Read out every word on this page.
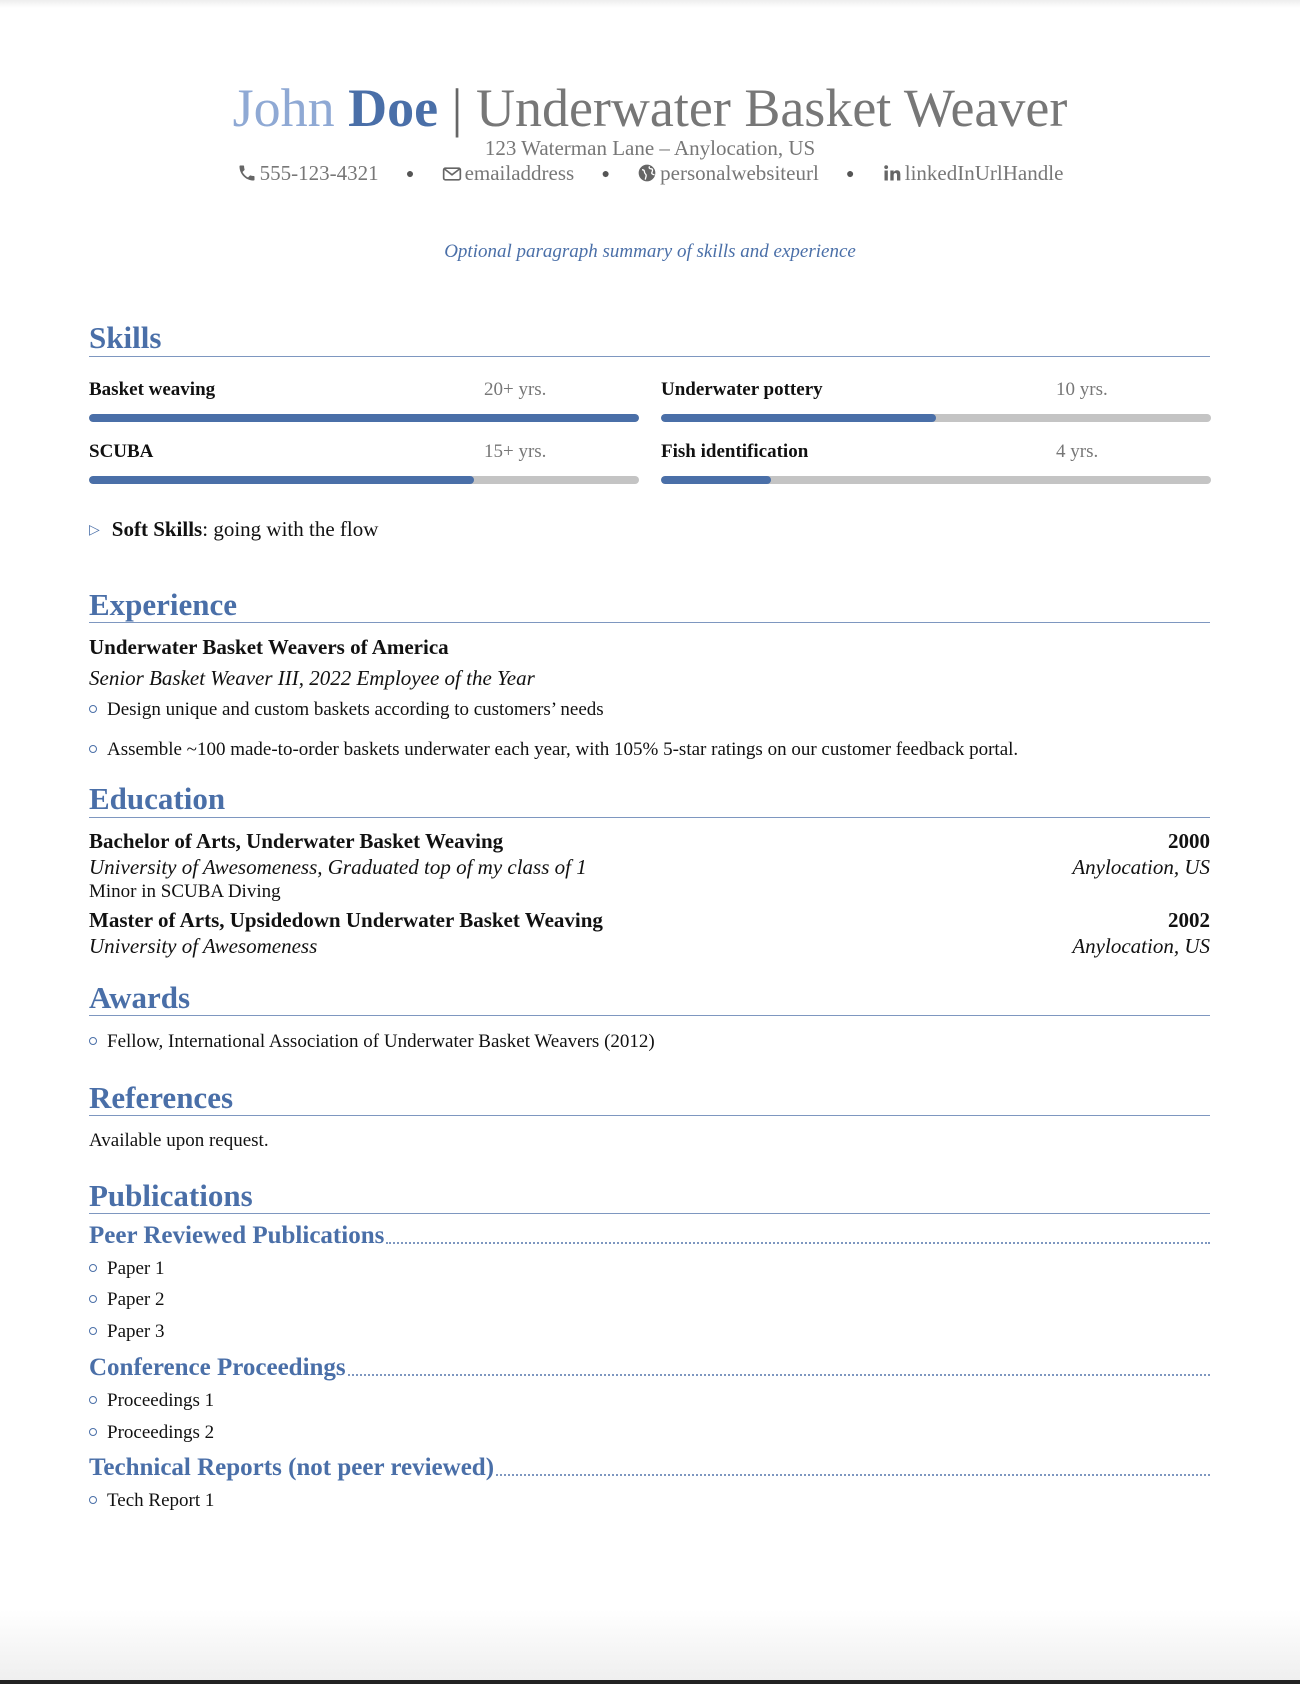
John Doe | Underwater Basket Weaver
123 Waterman Lane – Anylocation, US
555-123-4321 ● emailaddress ● personalwebsiteurl ● linkedInUrlHandle
Optional paragraph summary of skills and experience
Skills
Basket weaving	20+ yrs.	Underwater pottery	10 yrs.
SCUBA	15+ yrs.	Fish identification	4 yrs.
▷ Soft Skills: going with the flow
Experience
Underwater Basket Weavers of America
Senior Basket Weaver III, 2022 Employee of the Year
Design unique and custom baskets according to customers’ needs
Assemble ~100 made-to-order baskets underwater each year, with 105% 5-star ratings on our customer feedback portal.
Education
Bachelor of Arts, Underwater Basket Weaving	2000
University of Awesomeness, Graduated top of my class of 1	Anylocation, US
Minor in SCUBA Diving
Master of Arts, Upsidedown Underwater Basket Weaving	2002
University of Awesomeness	Anylocation, US
Awards
Fellow, International Association of Underwater Basket Weavers (2012)
References
Available upon request.
Publications
Peer Reviewed Publications
Paper 1
Paper 2
Paper 3
Conference Proceedings
Proceedings 1
Proceedings 2
Technical Reports (not peer reviewed)
Tech Report 1
